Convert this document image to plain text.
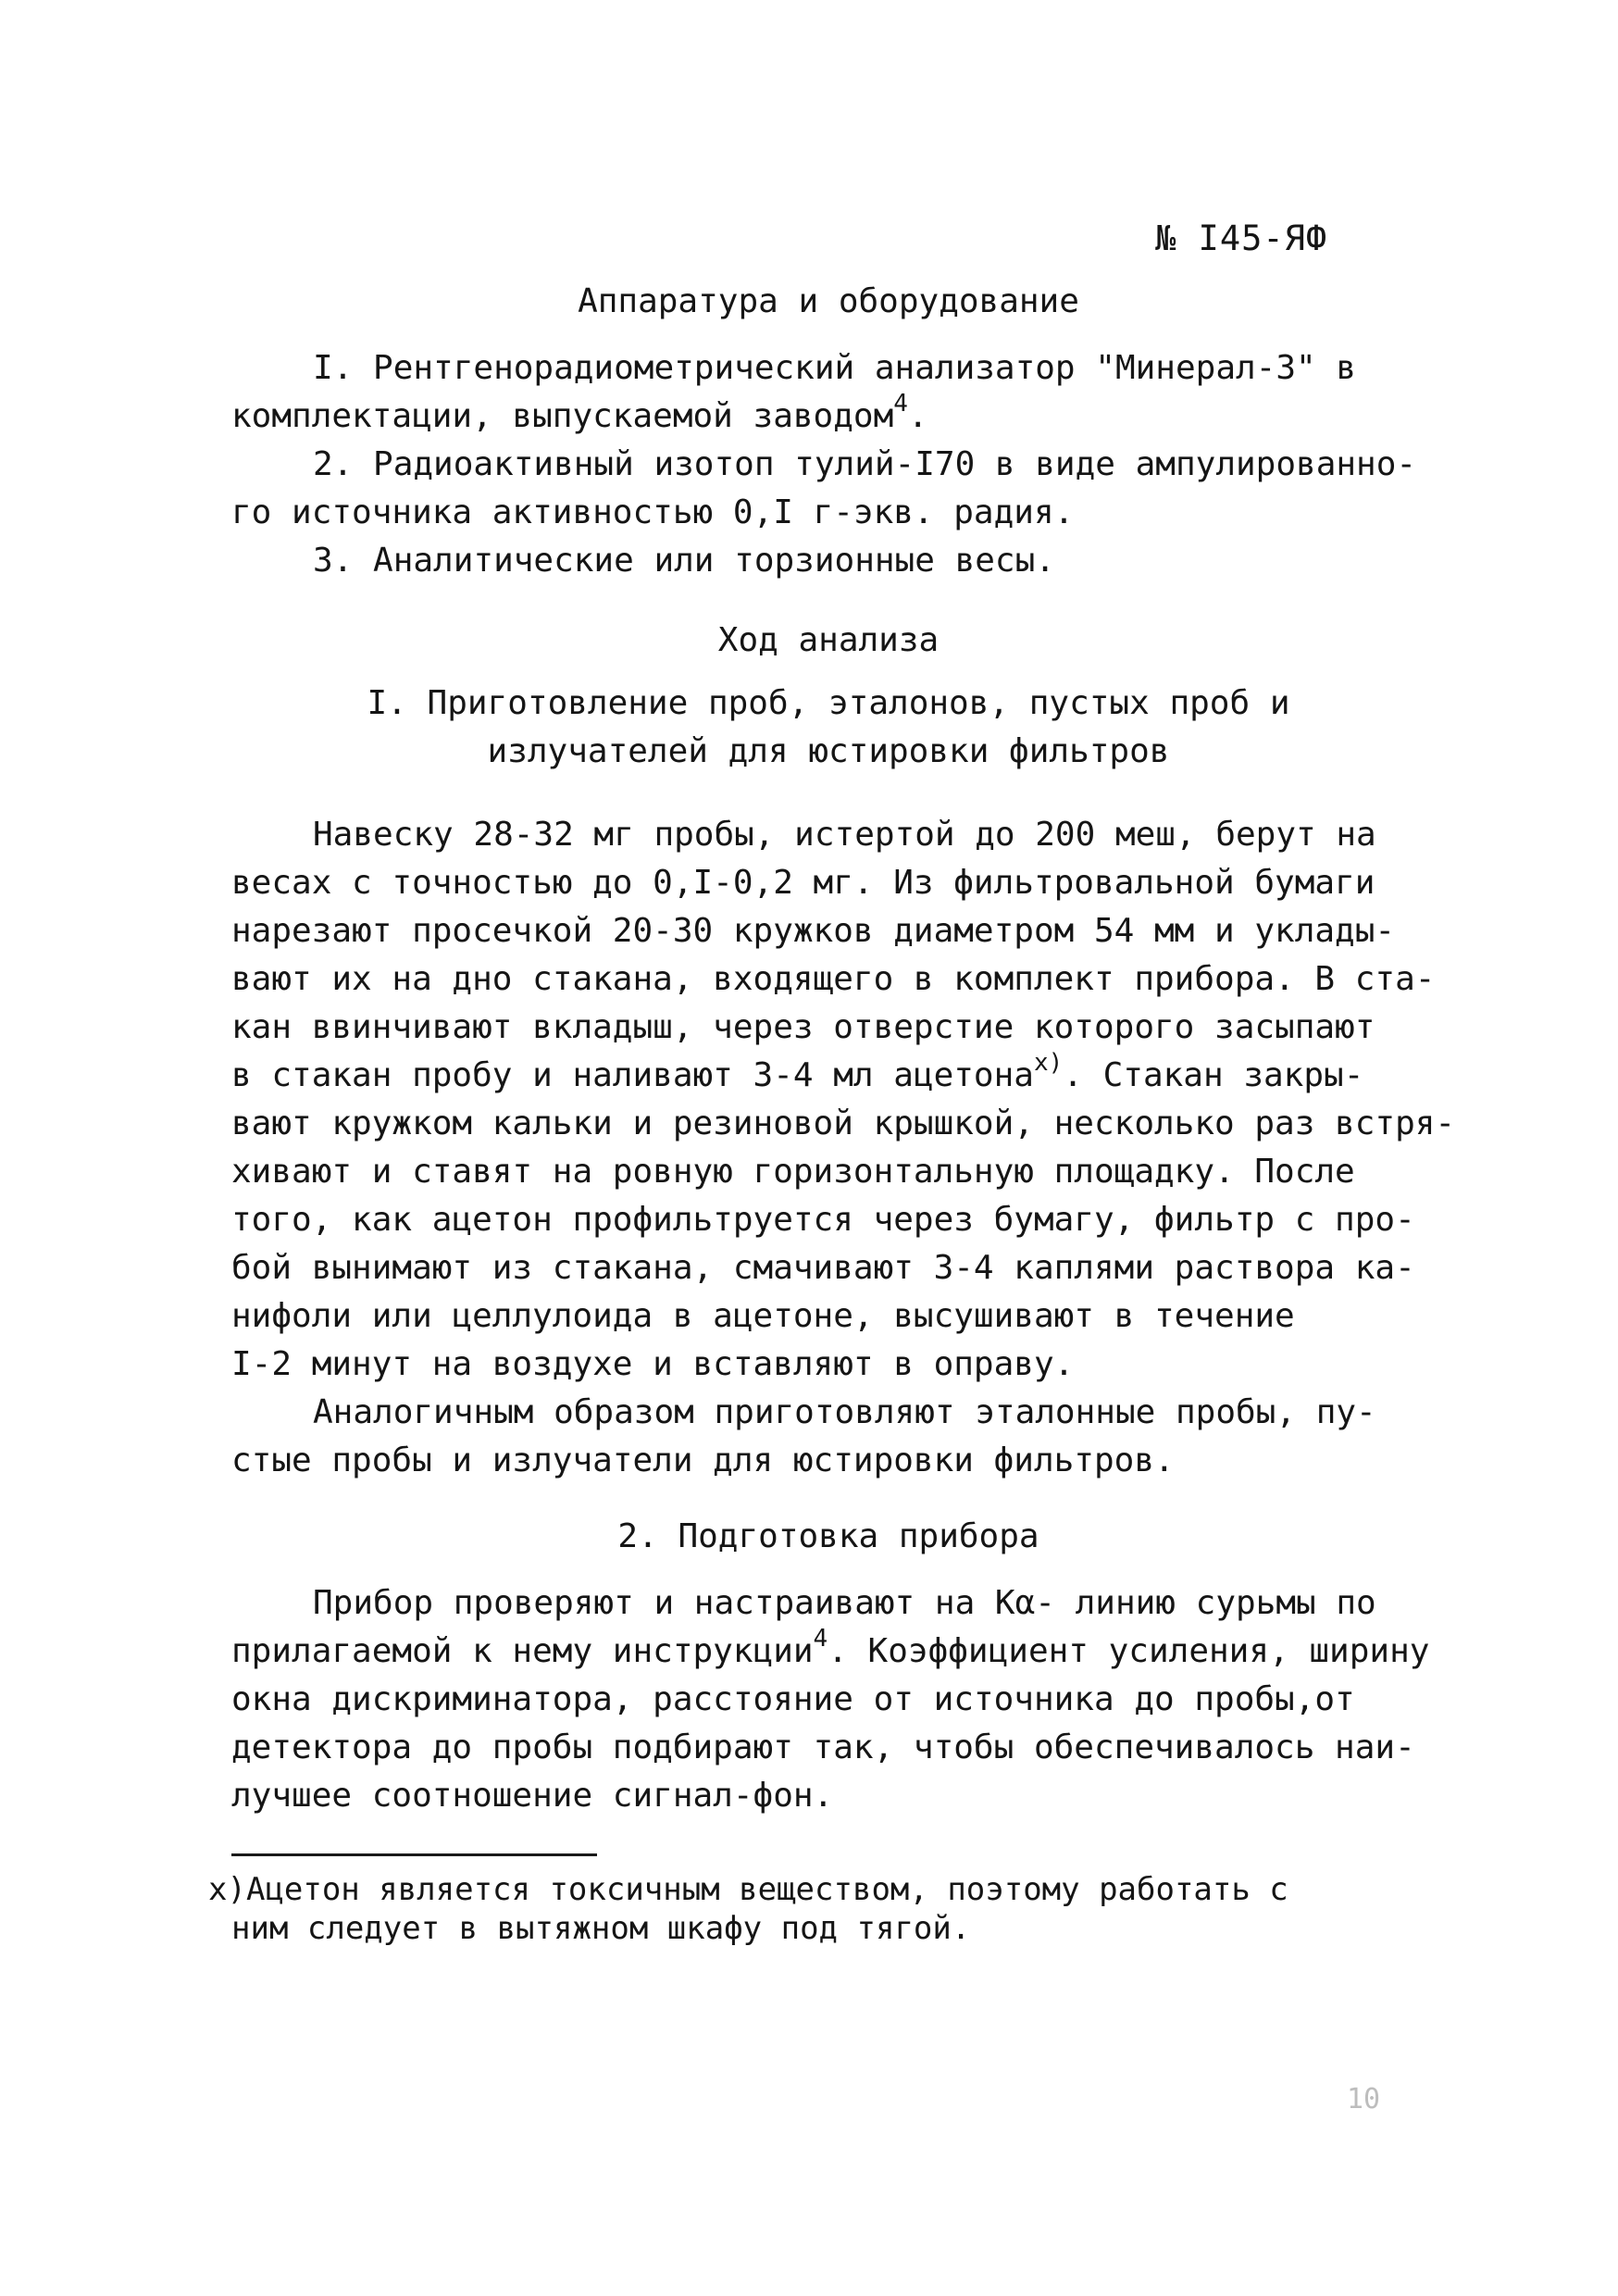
№ I45-ЯФ

Аппаратура и оборудование

I. Рентгенорадиометрический анализатор "Минерал-3" в

комплектации, выпускаемой заводом$^4$.

2. Радиоактивный изотоп тулий-I70 в виде ампулированно-

го источника активностью 0,I г-экв. радия.

3. Аналитические или торзионные весы.

Ход анализа

I. Приготовление проб, эталонов, пустых проб и

излучателей для юстировки фильтров

Навеску 28-32 мг пробы, истертой до 200 меш, берут на

весах с точностью до 0,I-0,2 мг. Из фильтровальной бумаги

нарезают просечкой 20-30 кружков диаметром 54 мм и уклады-

вают их на дно стакана, входящего в комплект прибора. В ста-

кан ввинчивают вкладыш, через отверстие которого засыпают

в стакан пробу и наливают 3-4 мл ацетона$^{x)}$. Стакан закры-

вают кружком кальки и резиновой крышкой, несколько раз встря-

хивают и ставят на ровную горизонтальную площадку. После

того, как ацетон профильтруется через бумагу, фильтр с про-

бой вынимают из стакана, смачивают 3-4 каплями раствора ка-

нифоли или целлулоида в ацетоне, высушивают в течение

I-2 минут на воздухе и вставляют в оправу.

Аналогичным образом приготовляют эталонные пробы, пу-

стые пробы и излучатели для юстировки фильтров.

2. Подготовка прибора

Прибор проверяют и настраивают на Kα- линию сурьмы по

прилагаемой к нему инструкции$^4$. Коэффициент усиления, ширину

окна дискриминатора, расстояние от источника до пробы,от

детектора до пробы подбирают так, чтобы обеспечивалось наи-

лучшее соотношение сигнал-фон.

x)Ацетон является токсичным веществом, поэтому работать с

ним следует в вытяжном шкафу под тягой.

10
